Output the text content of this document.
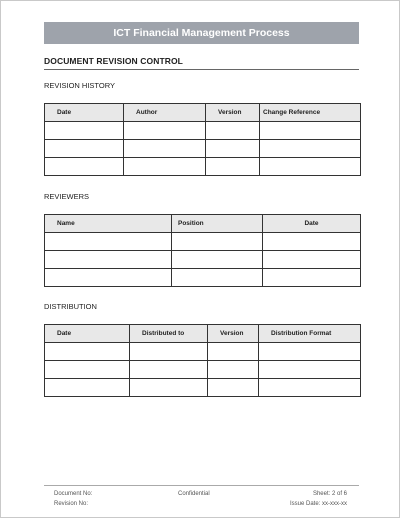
ICT Financial Management Process
DOCUMENT REVISION CONTROL
REVISION HISTORY
Date	Author	Version	Change Reference

REVIEWERS
Name	Position	Date

DISTRIBUTION
Date	Distributed to	Version	Distribution Format

Document No:
Revision No:
Confidential	Sheet: 2 of 6
Issue Date: xx-xxx-xx
